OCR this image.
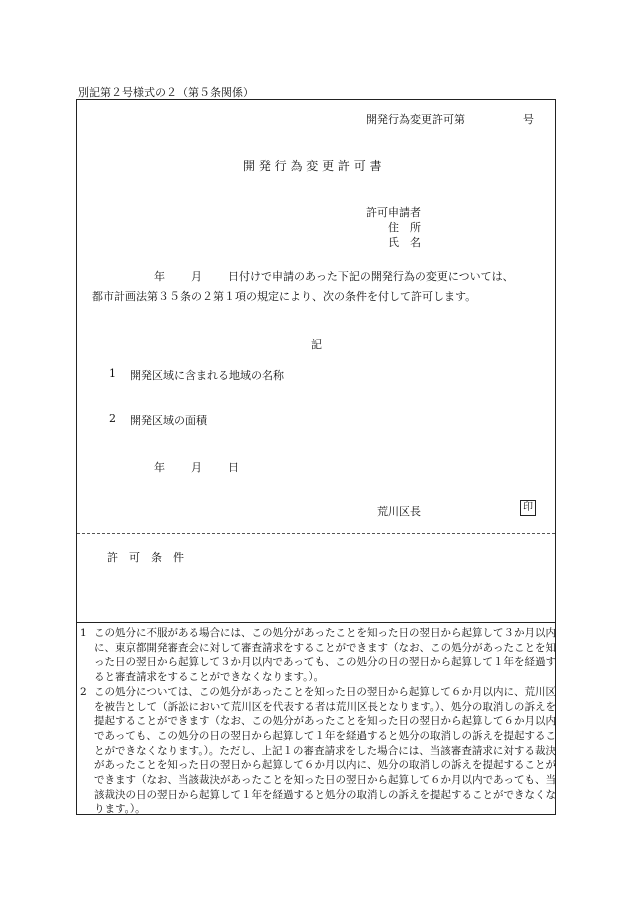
別記第２号様式の２（第５条関係）
開発行為変更許可第	号
開 発 行 為 変 更 許 可 書
許可申請者
住　所
氏　名
年 月 日付けで申請のあった下記の開発行為の変更については、
都市計画法第３５条の２第１項の規定により、次の条件を付して許可します。
記
1 開発区域に含まれる地域の名称
2 開発区域の面積
年 月 日
荒川区長	印
許　可　条　件
1 この処分に不服がある場合には、この処分があったことを知った日の翌日から起算して３か月以内に、東京都開発審査会に対して審査請求をすることができます（なお、この処分があったことを知った日の翌日から起算して３か月以内であっても、この処分の日の翌日から起算して１年を経過すると審査請求をすることができなくなります。）。
2 この処分については、この処分があったことを知った日の翌日から起算して６か月以内に、荒川区を被告として（訴訟において荒川区を代表する者は荒川区長となります。）、処分の取消しの訴えを提起することができます（なお、この処分があったことを知った日の翌日から起算して６か月以内であっても、この処分の日の翌日から起算して１年を経過すると処分の取消しの訴えを提起することができなくなります。）。ただし、上記１の審査請求をした場合には、当該審査請求に対する裁決があったことを知った日の翌日から起算して６か月以内に、処分の取消しの訴えを提起することができます（なお、当該裁決があったことを知った日の翌日から起算して６か月以内であっても、当該裁決の日の翌日から起算して１年を経過すると処分の取消しの訴えを提起することができなくなります。）。
